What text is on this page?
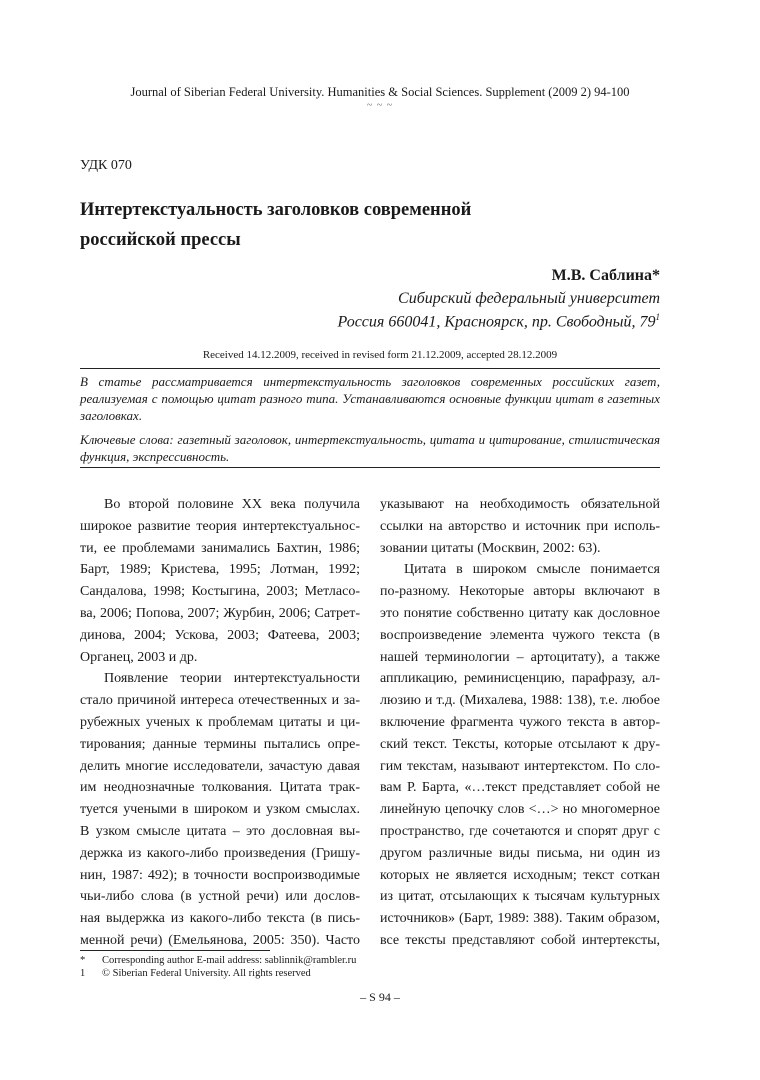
Journal of Siberian Federal University. Humanities & Social Sciences. Supplement (2009 2) 94-100
~ ~ ~
УДК 070
Интертекстуальность заголовков современной
российской прессы
М.В. Саблина*
Сибирский федеральный университет
Россия 660041, Красноярск, пр. Свободный, $79^1$
Received 14.12.2009, received in revised form 21.12.2009, accepted 28.12.2009
В статье рассматривается интертекстуальность заголовков современных российских газет, реализуемая с помощью цитат разного типа. Устанавливаются основные функции цитат в газетных заголовках.
Ключевые слова: газетный заголовок, интертекстуальность, цитата и цитирование, стилистическая функция, экспрессивность.
Во второй половине XX века получила
широкое развитие теория интертекстуальнос-
ти, ее проблемами занимались Бахтин, 1986;
Барт, 1989; Кристева, 1995; Лотман, 1992;
Сандалова, 1998; Костыгина, 2003; Метласо-
ва, 2006; Попова, 2007; Журбин, 2006; Сатрет-
динова, 2004; Ускова, 2003; Фатеева, 2003;
Органец, 2003 и др.
Появление теории интертекстуальности
стало причиной интереса отечественных и за-
рубежных ученых к проблемам цитаты и ци-
тирования; данные термины пытались опре-
делить многие исследователи, зачастую давая
им неоднозначные толкования. Цитата трак-
туется учеными в широком и узком смыслах.
В узком смысле цитата – это дословная вы-
держка из какого-либо произведения (Гришу-
нин, 1987: 492); в точности воспроизводимые
чьи-либо слова (в устной речи) или дослов-
ная выдержка из какого-либо текста (в пись-
менной речи) (Емельянова, 2005: 350). Часто
указывают на необходимость обязательной
ссылки на авторство и источник при исполь-
зовании цитаты (Москвин, 2002: 63).
Цитата в широком смысле понимается
по-разному. Некоторые авторы включают в
это понятие собственно цитату как дословное
воспроизведение элемента чужого текста (в
нашей терминологии – артоцитату), а также
аппликацию, реминисценцию, парафразу, ал-
люзию и т.д. (Михалева, 1988: 138), т.е. любое
включение фрагмента чужого текста в автор-
ский текст. Тексты, которые отсылают к дру-
гим текстам, называют интертекстом. По сло-
вам Р. Барта, «…текст представляет собой не
линейную цепочку слов <…> но многомерное
пространство, где сочетаются и спорят друг с
другом различные виды письма, ни один из
которых не является исходным; текст соткан
из цитат, отсылающих к тысячам культурных
источников» (Барт, 1989: 388). Таким образом,
все тексты представляют собой интертексты,
* Corresponding author E-mail address: sablinnik@rambler.ru
1 © Siberian Federal University. All rights reserved
– S 94 –
